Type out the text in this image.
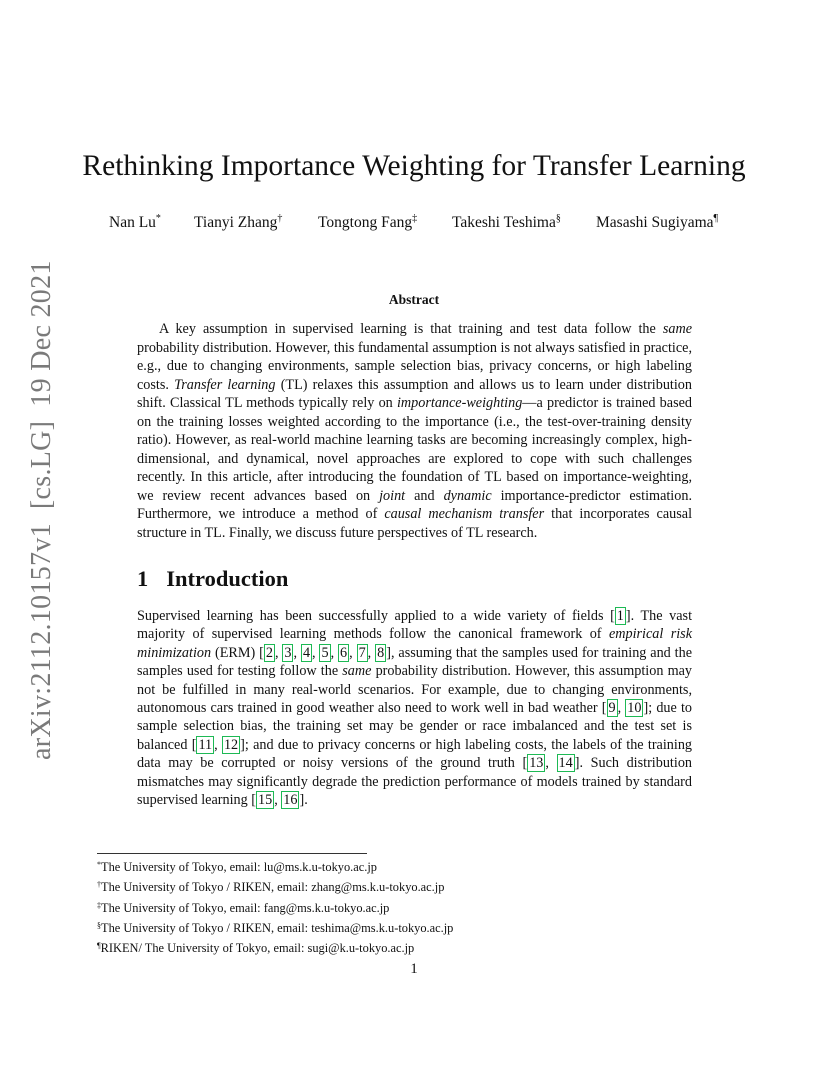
arXiv:2112.10157v1[cs.LG]19 Dec 2021
Rethinking Importance Weighting for Transfer Learning
Nan Lu* Tianyi Zhang† Tongtong Fang‡ Takeshi Teshima§ Masashi Sugiyama¶
Abstract
A key assumption in supervised learning is that training and test data follow the same probability distribution. However, this fundamental assumption is not always satisfied in practice, e.g., due to changing environments, sample selection bias, privacy concerns, or high labeling costs. Transfer learning (TL) relaxes this assumption and allows us to learn under distribution shift. Classical TL methods typically rely on importance-weighting—a predictor is trained based on the training losses weighted according to the importance (i.e., the test-over-training density ratio). However, as real-world machine learning tasks are becoming increasingly complex, high-dimensional, and dynamical, novel approaches are explored to cope with such challenges recently. In this article, after introducing the foundation of TL based on importance-weighting, we review recent advances based on joint and dynamic importance-predictor estimation. Furthermore, we introduce a method of causal mechanism transfer that incorporates causal structure in TL. Finally, we discuss future perspectives of TL research.
1 Introduction
Supervised learning has been successfully applied to a wide variety of fields [ 1 ]. The vast majority of supervised learning methods follow the canonical framework of empirical risk minimization (ERM) [ 2 , 3 , 4 , 5 , 6 , 7 , 8 ], assuming that the samples used for training and the samples used for testing follow the same probability distribution. However, this assumption may not be fulfilled in many real-world scenarios. For example, due to changing environments, autonomous cars trained in good weather also need to work well in bad weather [ 9 , 10 ]; due to sample selection bias, the training set may be gender or race imbalanced and the test set is balanced [ 11 , 12 ]; and due to privacy concerns or high labeling costs, the labels of the training data may be corrupted or noisy versions of the ground truth [ 13 , 14 ]. Such distribution mismatches may significantly degrade the prediction performance of models trained by standard supervised learning [ 15 , 16 ].
*The University of Tokyo, email: lu@ms.k.u-tokyo.ac.jp
†The University of Tokyo / RIKEN, email: zhang@ms.k.u-tokyo.ac.jp
‡The University of Tokyo, email: fang@ms.k.u-tokyo.ac.jp
§The University of Tokyo / RIKEN, email: teshima@ms.k.u-tokyo.ac.jp
¶RIKEN/ The University of Tokyo, email: sugi@k.u-tokyo.ac.jp
1
